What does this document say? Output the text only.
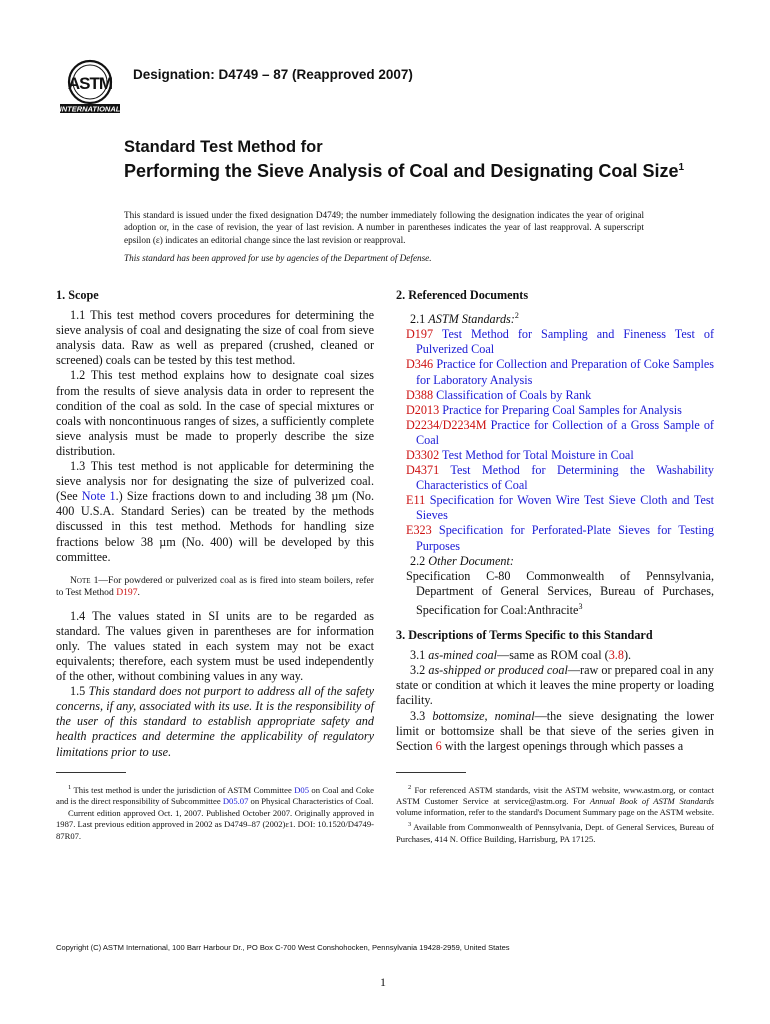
ASTM
INTERNATIONAL
Designation: D4749 – 87 (Reapproved 2007)
Standard Test Method for
Performing the Sieve Analysis of Coal and Designating Coal Size$^1$
This standard is issued under the fixed designation D4749; the number immediately following the designation indicates the year of original adoption or, in the case of revision, the year of last revision. A number in parentheses indicates the year of last reapproval. A superscript epsilon (ε) indicates an editorial change since the last revision or reapproval.
This standard has been approved for use by agencies of the Department of Defense.

1. Scope

1.1 This test method covers procedures for determining the sieve analysis of coal and designating the size of coal from sieve analysis data. Raw as well as prepared (crushed, cleaned or screened) coals can be tested by this test method.

1.2 This test method explains how to designate coal sizes from the results of sieve analysis data in order to represent the condition of the coal as sold. In the case of special mixtures or coals with noncontinuous ranges of sizes, a sufficiently complete sieve analysis must be made to properly describe the size distribution.

1.3 This test method is not applicable for determining the sieve analysis nor for designating the size of pulverized coal. (See Note 1.) Size fractions down to and including 38 µm (No. 400 U.S.A. Standard Series) can be treated by the methods discussed in this test method. Methods for handling size fractions below 38 µm (No. 400) will be developed by this committee.

Note 1—For powdered or pulverized coal as is fired into steam boilers, refer to Test Method D197.

1.4 The values stated in SI units are to be regarded as standard. The values given in parentheses are for information only. The values stated in each system may not be exact equivalents; therefore, each system must be used independently of the other, without combining values in any way.

1.5 This standard does not purport to address all of the safety concerns, if any, associated with its use. It is the responsibility of the user of this standard to establish appropriate safety and health practices and determine the applicability of regulatory limitations prior to use.

2. Referenced Documents

2.1 ASTM Standards:$^2$

D197 Test Method for Sampling and Fineness Test of Pulverized Coal

D346 Practice for Collection and Preparation of Coke Samples for Laboratory Analysis

D388 Classification of Coals by Rank

D2013 Practice for Preparing Coal Samples for Analysis

D2234/D2234M Practice for Collection of a Gross Sample of Coal

D3302 Test Method for Total Moisture in Coal

D4371 Test Method for Determining the Washability Characteristics of Coal

E11 Specification for Woven Wire Test Sieve Cloth and Test Sieves

E323 Specification for Perforated-Plate Sieves for Testing Purposes

2.2 Other Document:

Specification C-80 Commonwealth of Pennsylvania, Department of General Services, Bureau of Purchases, Specification for Coal:Anthracite$^3$

3. Descriptions of Terms Specific to this Standard

3.1 as-mined coal—same as ROM coal (3.8).

3.2 as-shipped or produced coal—raw or prepared coal in any state or condition at which it leaves the mine property or loading facility.

3.3 bottomsize, nominal—the sieve designating the lower limit or bottomsize shall be that sieve of the series given in Section 6 with the largest openings through which passes a

$^1$ This test method is under the jurisdiction of ASTM Committee D05 on Coal and Coke and is the direct responsibility of Subcommittee D05.07 on Physical Characteristics of Coal.

Current edition approved Oct. 1, 2007. Published October 2007. Originally approved in 1987. Last previous edition approved in 2002 as D4749–87 (2002)ε1. DOI: 10.1520/D4749-87R07.

$^2$ For referenced ASTM standards, visit the ASTM website, www.astm.org, or contact ASTM Customer Service at service@astm.org. For Annual Book of ASTM Standards volume information, refer to the standard's Document Summary page on the ASTM website.

$^3$ Available from Commonwealth of Pennsylvania, Dept. of General Services, Bureau of Purchases, 414 N. Office Building, Harrisburg, PA 17125.

Copyright (C) ASTM International, 100 Barr Harbour Dr., PO Box C-700 West Conshohocken, Pennsylvania 19428-2959, United States
1
